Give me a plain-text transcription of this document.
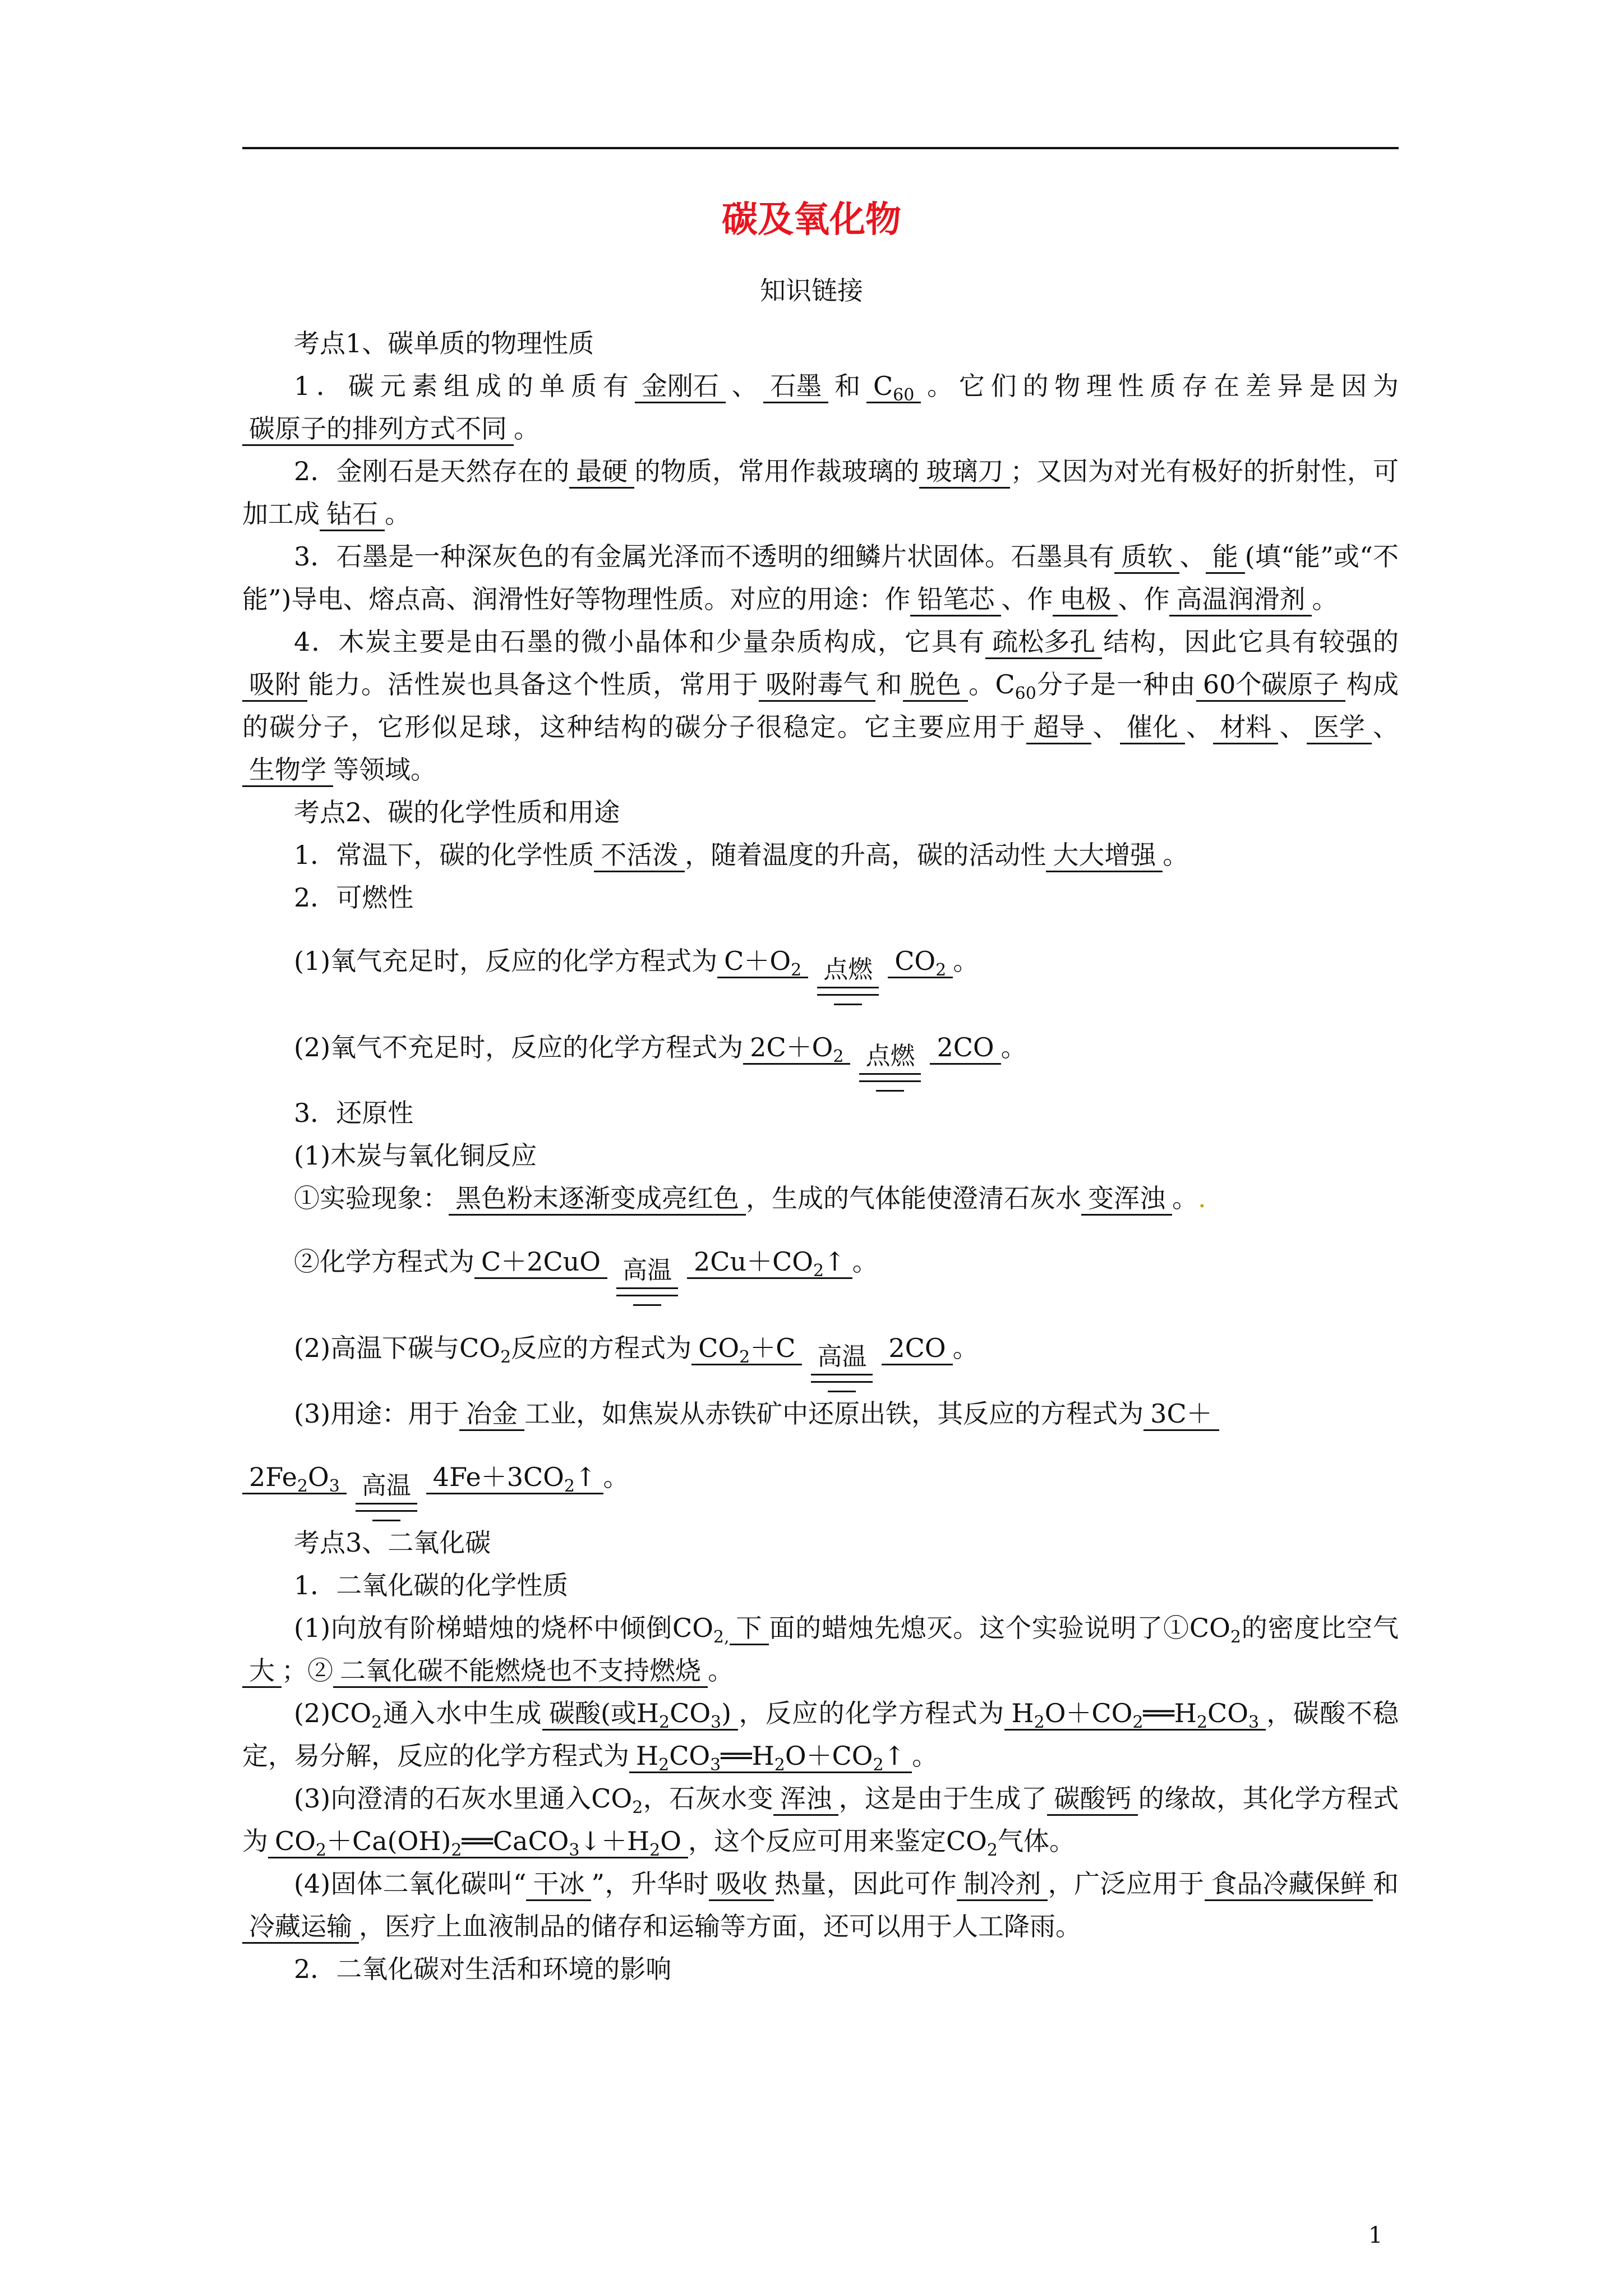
碳及氧化物
知识链接

考点1、碳单质的物理性质

1．碳元素组成的单质有 金刚石 、 石墨 和 $C_{60}$ 。它们的物理性质存在差异是因为碳原子的排列方式不同 。

2．金刚石是天然存在的 最硬 的物质，常用作裁玻璃的 玻璃刀 ；又因为对光有极好的折射性，可加工成 钻石 。

3．石墨是一种深灰色的有金属光泽而不透明的细鳞片状固体。石墨具有 质软 、 能 (填“能”或“不能”)导电、熔点高、润滑性好等物理性质。对应的用途：作 铅笔芯 、作 电极 、作 高温润滑剂 。

4．木炭主要是由石墨的微小晶体和少量杂质构成，它具有 疏松多孔 结构，因此它具有较强的吸附 能力。活性炭也具备这个性质，常用于 吸附毒气 和 脱色 。$C_{60}$分子是一种由 60个碳原子 构成的碳分子，它形似足球，这种结构的碳分子很稳定。它主要应用于 超导 、 催化 、 材料 、 医学 、生物学 等领域。

考点2、碳的化学性质和用途

1．常温下，碳的化学性质 不活泼 ，随着温度的升高，碳的活动性 大大增强 。

2．可燃性

(1)氧气充足时，反应的化学方程式为 $C+O_2$ 点燃 $CO_2$ 。

(2)氧气不充足时，反应的化学方程式为 $2C+O_2$ 点燃 2CO 。

3．还原性

(1)木炭与氧化铜反应

①实验现象： 黑色粉末逐渐变成亮红色 ，生成的气体能使澄清石灰水 变浑浊 。.

②化学方程式为 C＋2CuO 高温 $2Cu+CO_2↑$ 。

(2)高温下碳与$CO_2$反应的方程式为 $CO_2+C$ 高温 2CO 。

(3)用途：用于 冶金 工业，如焦炭从赤铁矿中还原出铁，其反应的方程式为 3C＋

$2Fe_2O_3$ 高温 $4Fe+3CO_2↑$ 。

考点3、二氧化碳

1．二氧化碳的化学性质

(1)向放有阶梯蜡烛的烧杯中倾倒$CO_{2,}$ 下 面的蜡烛先熄灭。这个实验说明了$①CO_2$的密度比空气大 ；② 二氧化碳不能燃烧也不支持燃烧 。

$(2)CO_2$通入水中生成 碳酸(或$H_2CO_3$) ，反应的化学方程式为 $H_2O+CO_2══H_2CO_3$ ，碳酸不稳定，易分解，反应的化学方程式为 $H_2CO_3══H_2O+CO_2↑$ 。

(3)向澄清的石灰水里通入$CO_2$，石灰水变 浑浊 ，这是由于生成了 碳酸钙 的缘故，其化学方程式为 $CO_2+Ca(OH)_2══CaCO_3↓+H_2O$ ，这个反应可用来鉴定$CO_2$气体。

(4)固体二氧化碳叫“ 干冰 ”，升华时 吸收 热量，因此可作 制冷剂 ，广泛应用于 食品冷藏保鲜 和冷藏运输 ，医疗上血液制品的储存和运输等方面，还可以用于人工降雨。

2．二氧化碳对生活和环境的影响

1
